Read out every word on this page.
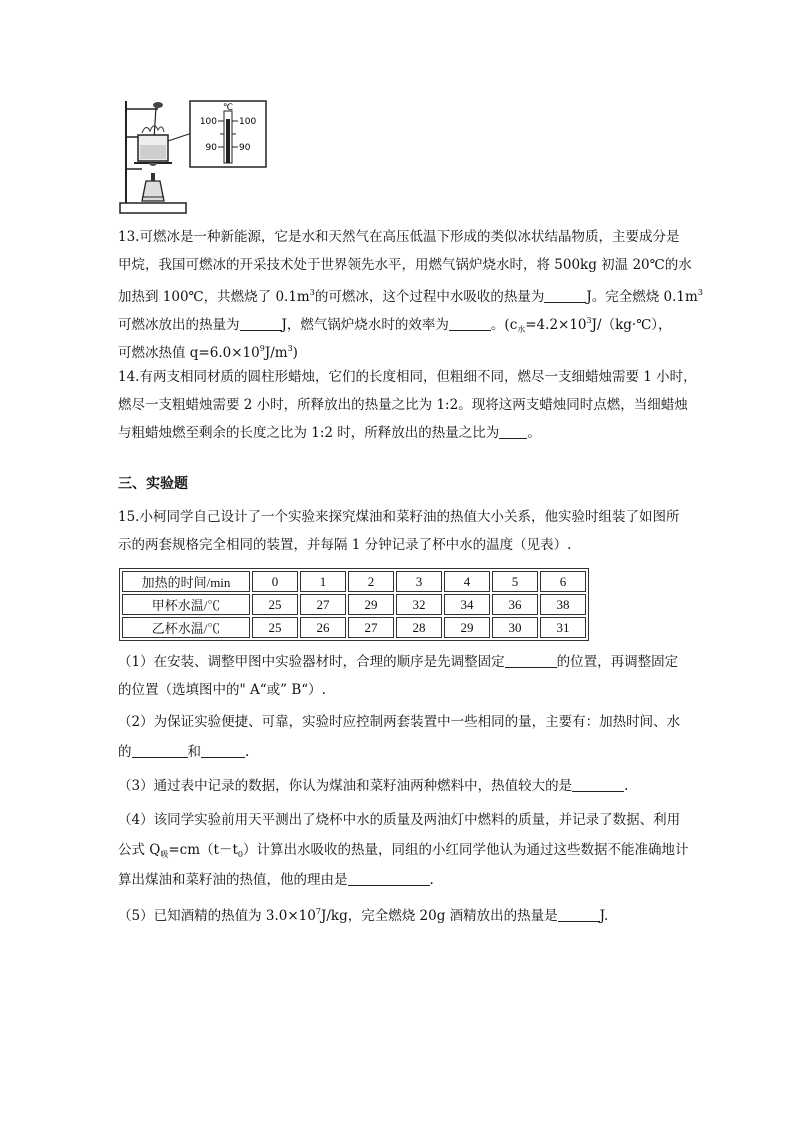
℃
100 100
90 90
13.可燃冰是一种新能源，它是水和天然气在高压低温下形成的类似冰状结晶物质，主要成分是
甲烷，我国可燃冰的开采技术处于世界领先水平，用燃气锅炉烧水时，将 500kg 初温 20℃的水
加热到 100℃，共燃烧了 $0.1m^3$的可燃冰，这个过程中水吸收的热量为	J。完全燃烧 $0.1m^3$
可燃冰放出的热量为	J，燃气锅炉烧水时的效率为	。($c_水=4.2\times 10^3J/(kg\cdot℃)$，
可燃冰热值 $q=6.0\times 10^9J/m^3$)
14.有两支相同材质的圆柱形蜡烛，它们的长度相同，但粗细不同，燃尽一支细蜡烛需要 1 小时，
燃尽一支粗蜡烛需要 2 小时，所释放出的热量之比为 1:2。现将这两支蜡烛同时点燃，当细蜡烛
与粗蜡烛燃至剩余的长度之比为 1:2 时，所释放出的热量之比为 。
三、实验题
15.小柯同学自己设计了一个实验来探究煤油和菜籽油的热值大小关系，他实验时组装了如图所
示的两套规格完全相同的装置，并每隔 1 分钟记录了杯中水的温度（见表）.
加热的时间/min	0	1	2	3	4	5	6
甲杯水温/℃	25	27	29	32	34	36	38
乙杯水温/℃	25	26	27	28	29	30	31
（1）在安装、调整甲图中实验器材时，合理的顺序是先调整固定	的位置，再调整固定
的位置（选填图中的" A“或” B“）.
（2）为保证实验便捷、可靠，实验时应控制两套装置中一些相同的量，主要有：加热时间、水
的	和	.
（3）通过表中记录的数据，你认为煤油和菜籽油两种燃料中，热值较大的是	.
（4）该同学实验前用天平测出了烧杯中水的质量及两油灯中燃料的质量，并记录了数据、利用
公式 $Q_吸=cm(t-t_0)$计算出水吸收的热量，同组的小红同学他认为通过这些数据不能准确地计
算出煤油和菜籽油的热值，他的理由是	.
（5）已知酒精的热值为 $3.0\times 10^7J/kg$，完全燃烧 20g 酒精放出的热量是	J.
